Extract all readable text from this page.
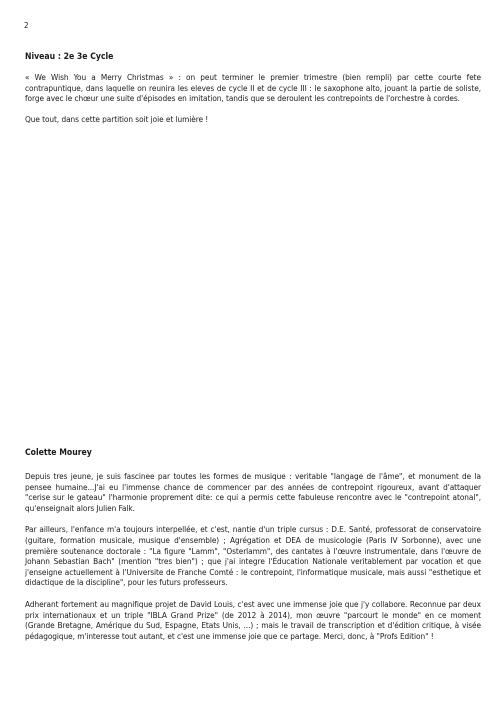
2
Niveau : 2e 3e Cycle

« We Wish You a Merry Christmas » : on peut terminer le premier trimestre (bien rempli) par cette courte fete contrapuntique, dans laquelle on reunira les eleves de cycle II et de cycle III : le saxophone alto, jouant la partie de soliste, forge avec le chœur une suite d'épisodes en imitation, tandis que se deroulent les contrepoints de l'orchestre à cordes.

Que tout, dans cette partition soit joie et lumière !

Colette Mourey

Depuis tres jeune, je suis fascinee par toutes les formes de musique : veritable "langage de l'âme", et monument de la pensee humaine...J'ai eu l'immense chance de commencer par des années de contrepoint rigoureux, avant d'attaquer "cerise sur le gateau" l'harmonie proprement dite: ce qui a permis cette fabuleuse rencontre avec le "contrepoint atonal", qu'enseignait alors Julien Falk.

Par ailleurs, l'enfance m'a toujours interpellée, et c'est, nantie d'un triple cursus : D.E. Santé, professorat de conservatoire (guitare, formation musicale, musique d'ensemble) ; Agrégation et DEA de musicologie (Paris IV Sorbonne), avec une première soutenance doctorale : "La figure "Lamm", "Osterlamm", des cantates à l'œuvre instrumentale, dans l'œuvre de Johann Sebastian Bach" (mention "tres bien") ; que j'ai integre l'Éducation Nationale veritablement par vocation et que j'enseigne actuellement à l'Universite de Franche Comté : le contrepoint, l'informatique musicale, mais aussi "esthetique et didactique de la discipline", pour les futurs professeurs.

Adherant fortement au magnifique projet de David Louis, c'est avec une immense joie que j'y collabore. Reconnue par deux prix internationaux et un triple "IBLA Grand Prize" (de 2012 à 2014), mon œuvre "parcourt le monde" en ce moment (Grande Bretagne, Amérique du Sud, Espagne, Etats Unis, ...) ; mais le travail de transcription et d'édition critique, à visée pédagogique, m'interesse tout autant, et c'est une immense joie que ce partage. Merci, donc, à "Profs Edition" !
